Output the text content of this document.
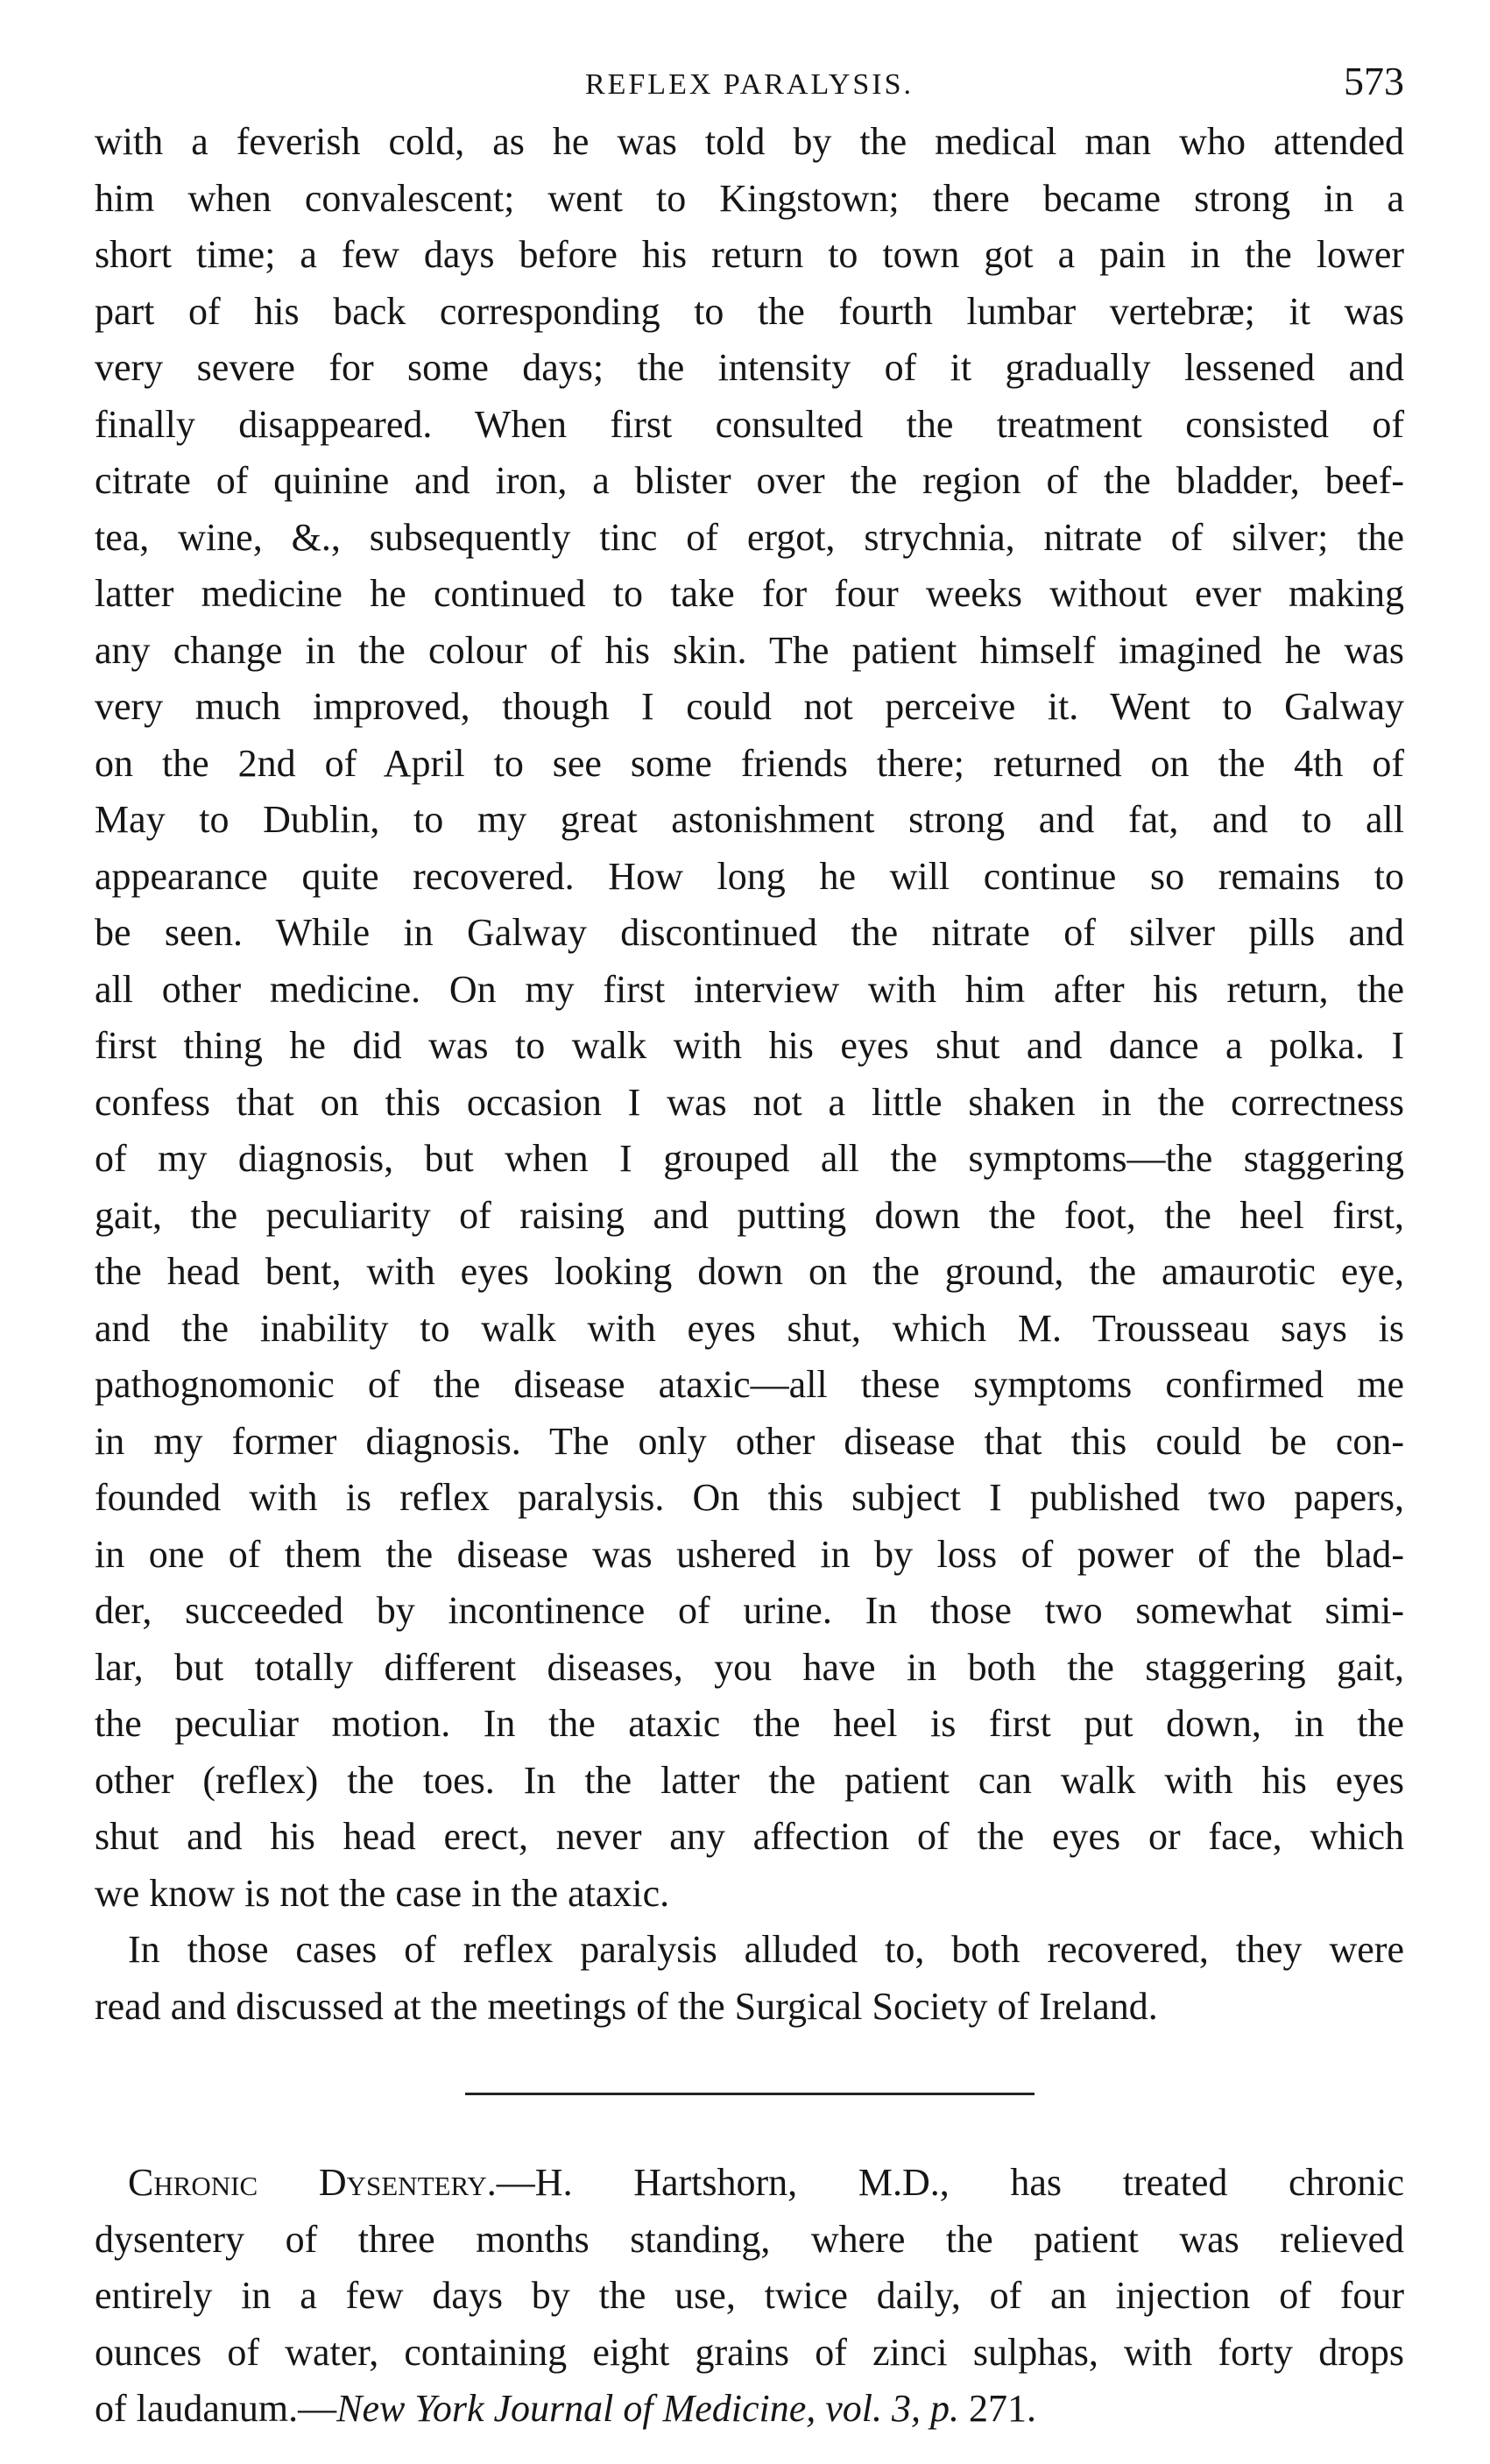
REFLEX PARALYSIS.	573
with a feverish cold, as he was told by the medical man who attended
him when convalescent; went to Kingstown; there became strong in a
short time; a few days before his return to town got a pain in the lower
part of his back corresponding to the fourth lumbar vertebræ; it was
very severe for some days; the intensity of it gradually lessened and
finally disappeared. When first consulted the treatment consisted of
citrate of quinine and iron, a blister over the region of the bladder, beef-
tea, wine, &., subsequently tinc of ergot, strychnia, nitrate of silver; the
latter medicine he continued to take for four weeks without ever making
any change in the colour of his skin. The patient himself imagined he was
very much improved, though I could not perceive it. Went to Galway
on the 2nd of April to see some friends there; returned on the 4th of
May to Dublin, to my great astonishment strong and fat, and to all
appearance quite recovered. How long he will continue so remains to
be seen. While in Galway discontinued the nitrate of silver pills and
all other medicine. On my first interview with him after his return, the
first thing he did was to walk with his eyes shut and dance a polka. I
confess that on this occasion I was not a little shaken in the correctness
of my diagnosis, but when I grouped all the symptoms—the staggering
gait, the peculiarity of raising and putting down the foot, the heel first,
the head bent, with eyes looking down on the ground, the amaurotic eye,
and the inability to walk with eyes shut, which M. Trousseau says is
pathognomonic of the disease ataxic—all these symptoms confirmed me
in my former diagnosis. The only other disease that this could be con-
founded with is reflex paralysis. On this subject I published two papers,
in one of them the disease was ushered in by loss of power of the blad-
der, succeeded by incontinence of urine. In those two somewhat simi-
lar, but totally different diseases, you have in both the staggering gait,
the peculiar motion. In the ataxic the heel is first put down, in the
other (reflex) the toes. In the latter the patient can walk with his eyes
shut and his head erect, never any affection of the eyes or face, which
we know is not the case in the ataxic.
In those cases of reflex paralysis alluded to, both recovered, they were
read and discussed at the meetings of the Surgical Society of Ireland.
Chronic Dysentery.—H. Hartshorn, M.D., has treated chronic
dysentery of three months standing, where the patient was relieved
entirely in a few days by the use, twice daily, of an injection of four
ounces of water, containing eight grains of zinci sulphas, with forty drops
of laudanum.—New York Journal of Medicine, vol. 3, p. 271.
